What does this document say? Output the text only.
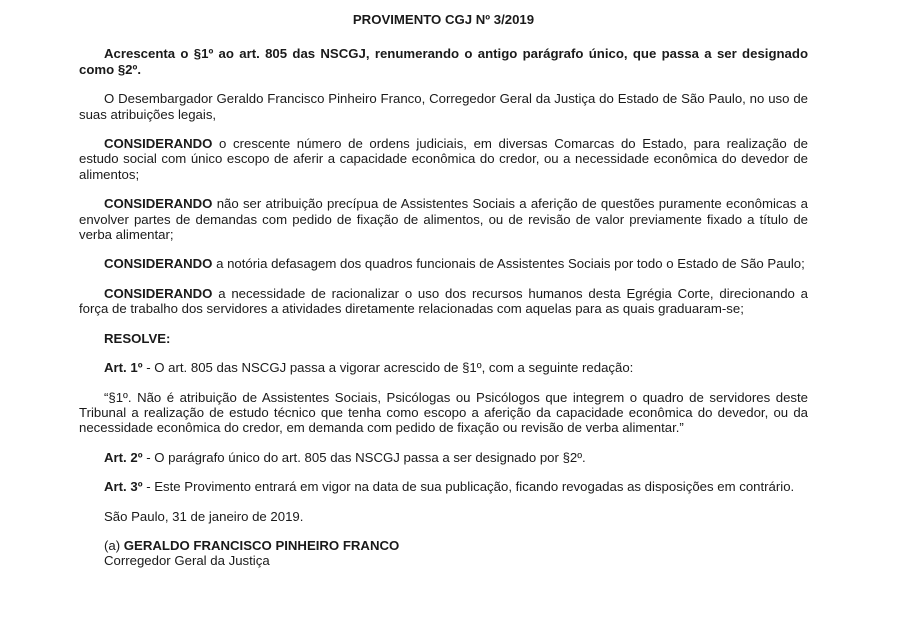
PROVIMENTO CGJ Nº 3/2019

Acrescenta o §1º ao art. 805 das NSCGJ, renumerando o antigo parágrafo único, que passa a ser designado como §2º.

O Desembargador Geraldo Francisco Pinheiro Franco, Corregedor Geral da Justiça do Estado de São Paulo, no uso de suas atribuições legais,

CONSIDERANDO o crescente número de ordens judiciais, em diversas Comarcas do Estado, para realização de estudo social com único escopo de aferir a capacidade econômica do credor, ou a necessidade econômica do devedor de alimentos;

CONSIDERANDO não ser atribuição precípua de Assistentes Sociais a aferição de questões puramente econômicas a envolver partes de demandas com pedido de fixação de alimentos, ou de revisão de valor previamente fixado a título de verba alimentar;

CONSIDERANDO a notória defasagem dos quadros funcionais de Assistentes Sociais por todo o Estado de São Paulo;

CONSIDERANDO a necessidade de racionalizar o uso dos recursos humanos desta Egrégia Corte, direcionando a força de trabalho dos servidores a atividades diretamente relacionadas com aquelas para as quais graduaram-se;

RESOLVE:

Art. 1º - O art. 805 das NSCGJ passa a vigorar acrescido de §1º, com a seguinte redação:

“§1º. Não é atribuição de Assistentes Sociais, Psicólogas ou Psicólogos que integrem o quadro de servidores deste Tribunal a realização de estudo técnico que tenha como escopo a aferição da capacidade econômica do devedor, ou da necessidade econômica do credor, em demanda com pedido de fixação ou revisão de verba alimentar.”

Art. 2º - O parágrafo único do art. 805 das NSCGJ passa a ser designado por §2º.

Art. 3º - Este Provimento entrará em vigor na data de sua publicação, ficando revogadas as disposições em contrário.

São Paulo, 31 de janeiro de 2019.

(a) GERALDO FRANCISCO PINHEIRO FRANCO
Corregedor Geral da Justiça
